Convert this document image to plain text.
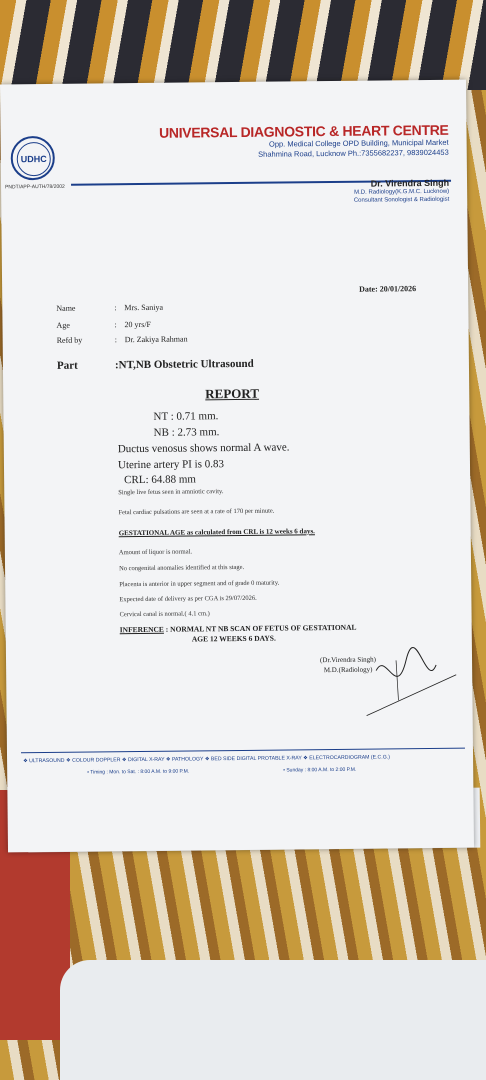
UDHC
PNDT/APP-AUTH/78/2002
UNIVERSAL DIAGNOSTIC & HEART CENTRE
Opp. Medical College OPD Building, Municipal Market
Shahmina Road, Lucknow Ph.:7355682237, 9839024453
Dr. Virendra Singh
M.D. Radiology(K.G.M.C. Lucknow)
Consultant Sonologist & Radiologist
Date: 20/01/2026
Name	: Mrs. Saniya
Age	: 20 yrs/F
Refd by	: Dr. Zakiya Rahman
Part	:NT,NB Obstetric Ultrasound
REPORT
NT : 0.71 mm.
NB : 2.73 mm.
Ductus venosus shows normal A wave.
Uterine artery PI is 0.83
CRL: 64.88 mm
Single live fetus seen in amniotic cavity.
Fetal cardiac pulsations are seen at a rate of 170 per minute.
GESTATIONAL AGE as calculated from CRL is 12 weeks 6 days.
Amount of liquor is normal.
No congenital anomalies identified at this stage.
Placenta is anterior in upper segment and of grade 0 maturity.
Expected date of delivery as per CGA is 29/07/2026.
Cervical canal is normal.( 4.1 cm.)
INFERENCE : NORMAL NT NB SCAN OF FETUS OF GESTATIONAL
AGE 12 WEEKS 6 DAYS.
(Dr.Virendra Singh)
M.D.(Radiology)
❖ ULTRASOUND ❖ COLOUR DOPPLER ❖ DIGITAL X-RAY ❖ PATHOLOGY ❖ BED SIDE DIGITAL PROTABLE X-RAY ❖ ELECTROCARDIOGRAM (E.C.G.)
• Timing : Mon. to Sat. : 8:00 A.M. to 9:00 P.M.	• Sunday : 8:00 A.M. to 2:00 P.M.
